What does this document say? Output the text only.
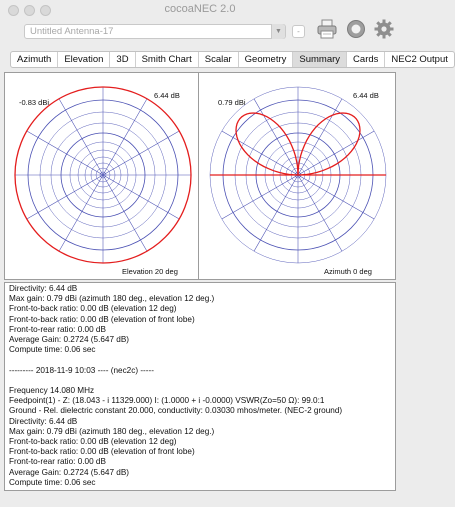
cocoaNEC 2.0
Untitled Antenna-17	▼	-
Azimuth	Elevation	3D	Smith Chart	Scalar	Geometry	Summary	Cards	NEC2 Output
-0.83 dBi
6.44 dB
Elevation 20 deg
0.79 dBi
6.44 dB
Azimuth 0 deg
Directivity: 6.44 dB
Max gain: 0.79 dBi (azimuth 180 deg., elevation 12 deg.)
Front-to-back ratio: 0.00 dB (elevation 12 deg)
Front-to-back ratio: 0.00 dB (elevation of front lobe)
Front-to-rear ratio: 0.00 dB
Average Gain: 0.2724 (5.647 dB)
Compute time: 0.06 sec
--------- 2018-11-9 10:03 ---- (nec2c) -----
Frequency 14.080 MHz
Feedpoint(1) - Z: (18.043 - i 11329.000) I: (1.0000 + i -0.0000) VSWR(Zo=50 Ω): 99.0:1
Ground - Rel. dielectric constant 20.000, conductivity: 0.03030 mhos/meter. (NEC-2 ground)
Directivity: 6.44 dB
Max gain: 0.79 dBi (azimuth 180 deg., elevation 12 deg.)
Front-to-back ratio: 0.00 dB (elevation 12 deg)
Front-to-back ratio: 0.00 dB (elevation of front lobe)
Front-to-rear ratio: 0.00 dB
Average Gain: 0.2724 (5.647 dB)
Compute time: 0.06 sec
